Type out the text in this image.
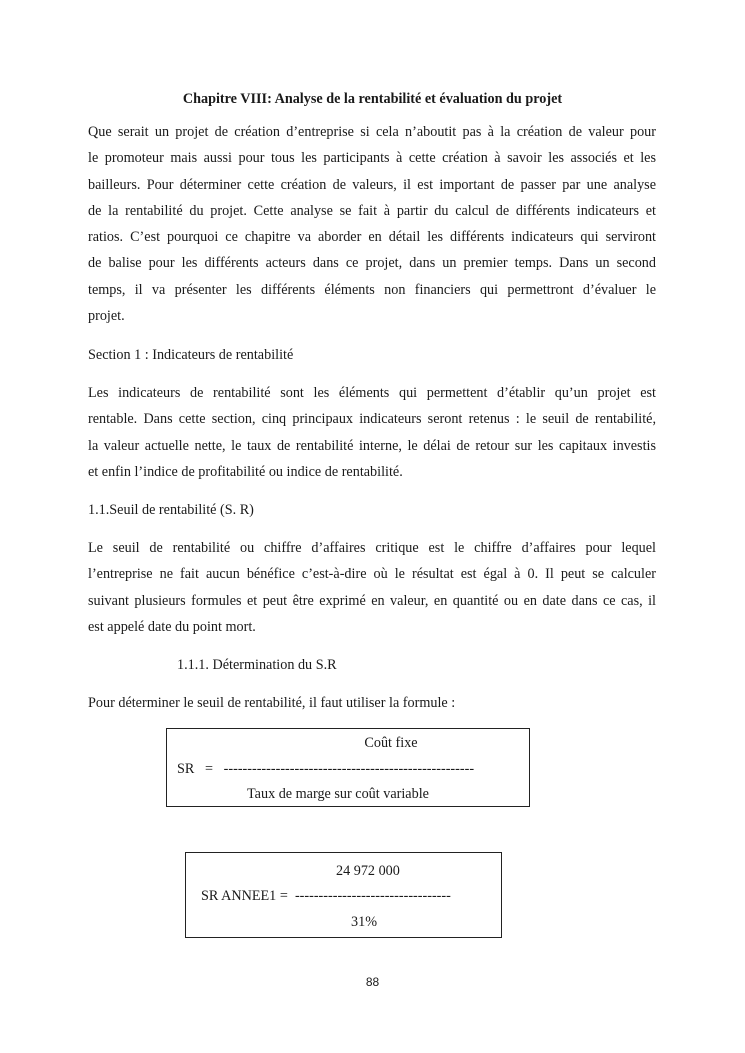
Chapitre VIII: Analyse de la rentabilité et évaluation du projet
Que serait un projet de création d’entreprise si cela n’aboutit pas à la création de valeur pour
le promoteur mais aussi pour tous les participants à cette création à savoir les associés et les
bailleurs. Pour déterminer cette création de valeurs, il est important de passer par une analyse
de la rentabilité du projet. Cette analyse se fait à partir du calcul de différents indicateurs et
ratios. C’est pourquoi ce chapitre va aborder en détail les différents indicateurs qui serviront
de balise pour les différents acteurs dans ce projet, dans un premier temps. Dans un second
temps, il va présenter les différents éléments non financiers qui permettront d’évaluer le
projet.
Section 1 : Indicateurs de rentabilité
Les indicateurs de rentabilité sont les éléments qui permettent d’établir qu’un projet est
rentable. Dans cette section, cinq principaux indicateurs seront retenus : le seuil de rentabilité,
la valeur actuelle nette, le taux de rentabilité interne, le délai de retour sur les capitaux investis
et enfin l’indice de profitabilité ou indice de rentabilité.
1.1.Seuil de rentabilité (S. R)
Le seuil de rentabilité ou chiffre d’affaires critique est le chiffre d’affaires pour lequel
l’entreprise ne fait aucun bénéfice c’est-à-dire où le résultat est égal à 0. Il peut se calculer
suivant plusieurs formules et peut être exprimé en valeur, en quantité ou en date dans ce cas, il
est appelé date du point mort.
1.1.1. Détermination du S.R
Pour déterminer le seuil de rentabilité, il faut utiliser la formule :
Coût fixe
SR   =   -----------------------------------------------------
Taux de marge sur coût variable
24 972 000
SR ANNEE1 =  ---------------------------------
31%
88
